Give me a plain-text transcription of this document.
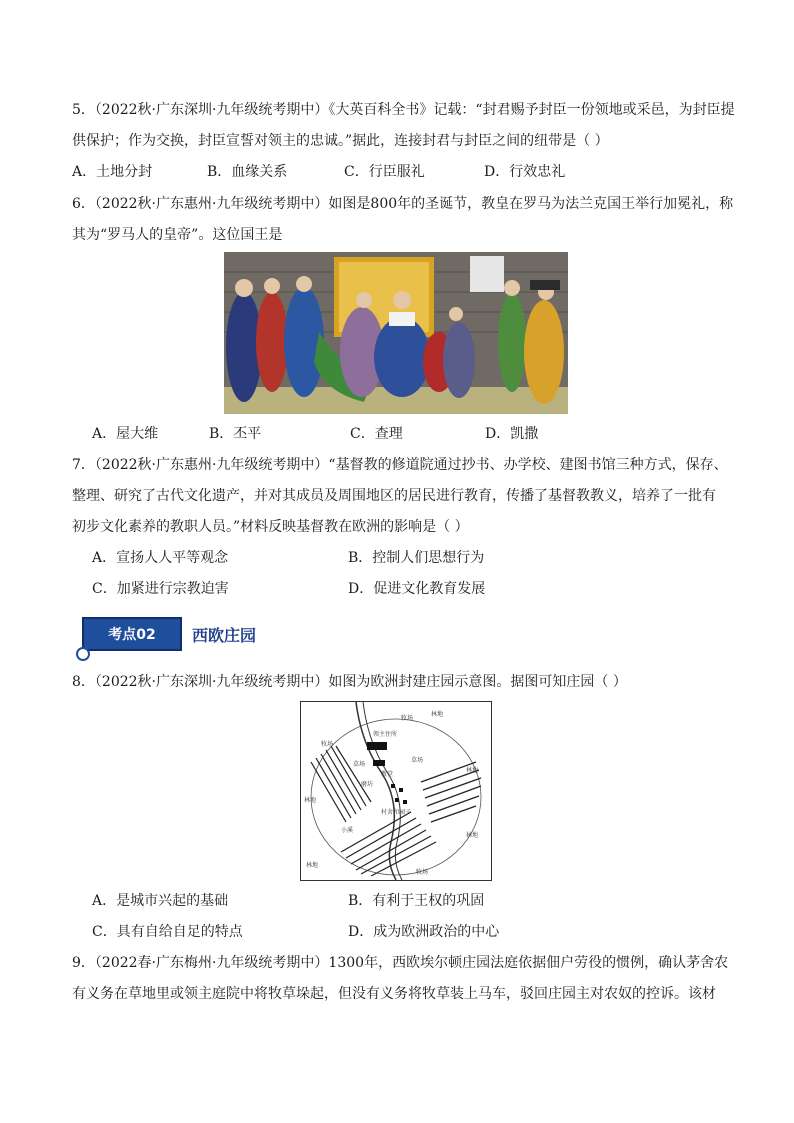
5．（2022秋·广东深圳·九年级统考期中）《大英百科全书》记载：“封君赐予封臣一份领地或采邑，为封臣提
供保护；作为交换，封臣宣誓对领主的忠诚。”据此，连接封君与封臣之间的纽带是（ ）
A．土地分封	B．血缘关系	C．行臣服礼	D．行效忠礼
6．（2022秋·广东惠州·九年级统考期中）如图是800年的圣诞节，教皇在罗马为法兰克国王举行加冕礼，称
其为“罗马人的皇帝”。这位国王是
A．屋大维	B．丕平	C．查理	D．凯撒
7．（2022秋·广东惠州·九年级统考期中）“基督教的修道院通过抄书、办学校、建图书馆三种方式，保存、
整理、研究了古代文化遗产，并对其成员及周围地区的居民进行教育，传播了基督教教义，培养了一批有
初步文化素养的教职人员。”材料反映基督教在欧洲的影响是（ ）
A．宣扬人人平等观念	B．控制人们思想行为
C．加紧进行宗教迫害	D．促进文化教育发展
考点02	西欧庄园
8．（2022秋·广东深圳·九年级统考期中）如图为欧洲封建庄园示意图。据图可知庄园（ ）
林地
林地
林地
林地
林地
牧场
牧场
牧场
草场
草场
领主住所
教堂
磨坊
村舍和园子
小溪
A．是城市兴起的基础	B．有利于王权的巩固
C．具有自给自足的特点	D．成为欧洲政治的中心
9．（2022春·广东梅州·九年级统考期中）1300年，西欧埃尔顿庄园法庭依据佃户劳役的惯例，确认茅舍农
有义务在草地里或领主庭院中将牧草垛起，但没有义务将牧草装上马车，驳回庄园主对农奴的控诉。该材
